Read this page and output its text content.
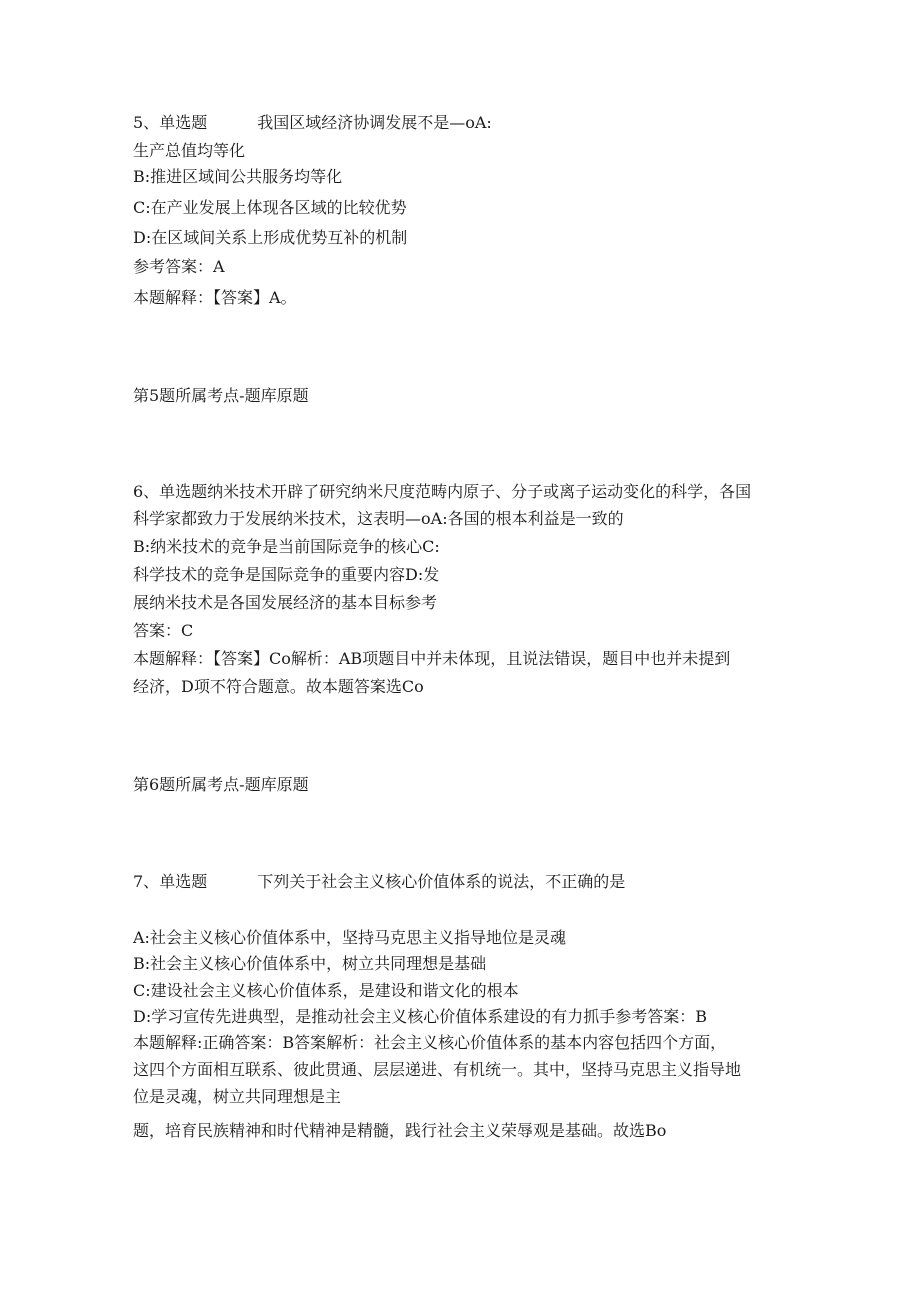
5、单选题	我国区域经济协调发展不是—oA:
生产总值均等化
B:推进区域间公共服务均等化
C:在产业发展上体现各区域的比较优势
D:在区域间关系上形成优势互补的机制
参考答案：A
本题解释：【答案】A。
第5题所属考点-题库原题
6、单选题纳米技术开辟了研究纳米尺度范畴内原子、分子或离子运动变化的科学，各国
科学家都致力于发展纳米技术，这表明—oA:各国的根本利益是一致的
B:纳米技术的竞争是当前国际竞争的核心C:
科学技术的竞争是国际竞争的重要内容D:发
展纳米技术是各国发展经济的基本目标参考
答案：C
本题解释：【答案】Co解析：AB项题目中并未体现，且说法错误，题目中也并未提到
经济，D项不符合题意。故本题答案选Co
第6题所属考点-题库原题
7、单选题	下列关于社会主义核心价值体系的说法，不正确的是
A:社会主义核心价值体系中，坚持马克思主义指导地位是灵魂
B:社会主义核心价值体系中，树立共同理想是基础
C:建设社会主义核心价值体系，是建设和谐文化的根本
D:学习宣传先进典型，是推动社会主义核心价值体系建设的有力抓手参考答案：B
本题解释:正确答案：B答案解析：社会主义核心价值体系的基本内容包括四个方面，
这四个方面相互联系、彼此贯通、层层递进、有机统一。其中，坚持马克思主义指导地
位是灵魂，树立共同理想是主
题，培育民族精神和时代精神是精髓，践行社会主义荣辱观是基础。故选Bo
